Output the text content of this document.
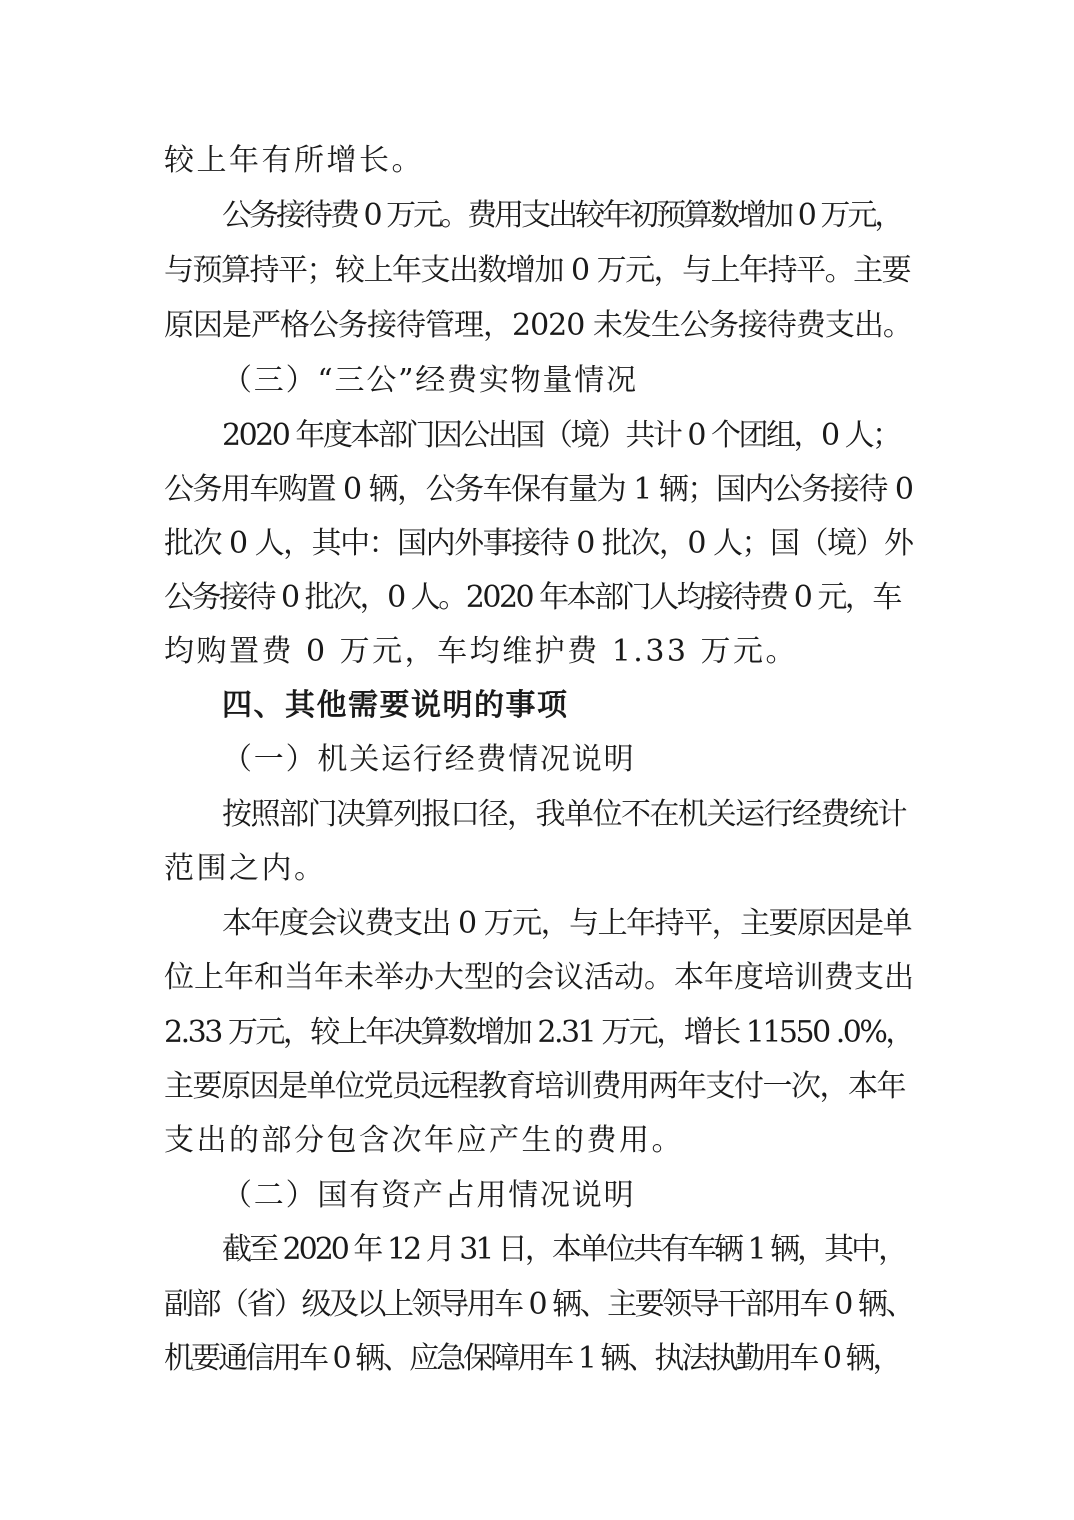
较上年有所增长。
公务接待费 0 万元。费用支出较年初预算数增加 0 万元，
与预算持平；较上年支出数增加 0 万元，与上年持平。主要
原因是严格公务接待管理，2020 未发生公务接待费支出。
（三）“三公”经费实物量情况
2020 年度本部门因公出国（境）共计 0 个团组，0 人；
公务用车购置 0 辆，公务车保有量为 1 辆；国内公务接待 0
批次 0 人，其中：国内外事接待 0 批次，0 人；国（境）外
公务接待 0 批次，0 人。2020 年本部门人均接待费 0 元，车
均购置费 0 万元，车均维护费 1.33 万元。
四、其他需要说明的事项
（一）机关运行经费情况说明
按照部门决算列报口径，我单位不在机关运行经费统计
范围之内。
本年度会议费支出 0 万元，与上年持平，主要原因是单
位上年和当年未举办大型的会议活动。本年度培训费支出
2.33 万元，较上年决算数增加 2.31 万元，增长 11550 .0%，
主要原因是单位党员远程教育培训费用两年支付一次，本年
支出的部分包含次年应产生的费用。
（二）国有资产占用情况说明
截至 2020 年 12 月 31 日，本单位共有车辆 1 辆，其中，
副部（省）级及以上领导用车 0 辆、主要领导干部用车 0 辆、
机要通信用车 0 辆、应急保障用车 1 辆、执法执勤用车 0 辆，
